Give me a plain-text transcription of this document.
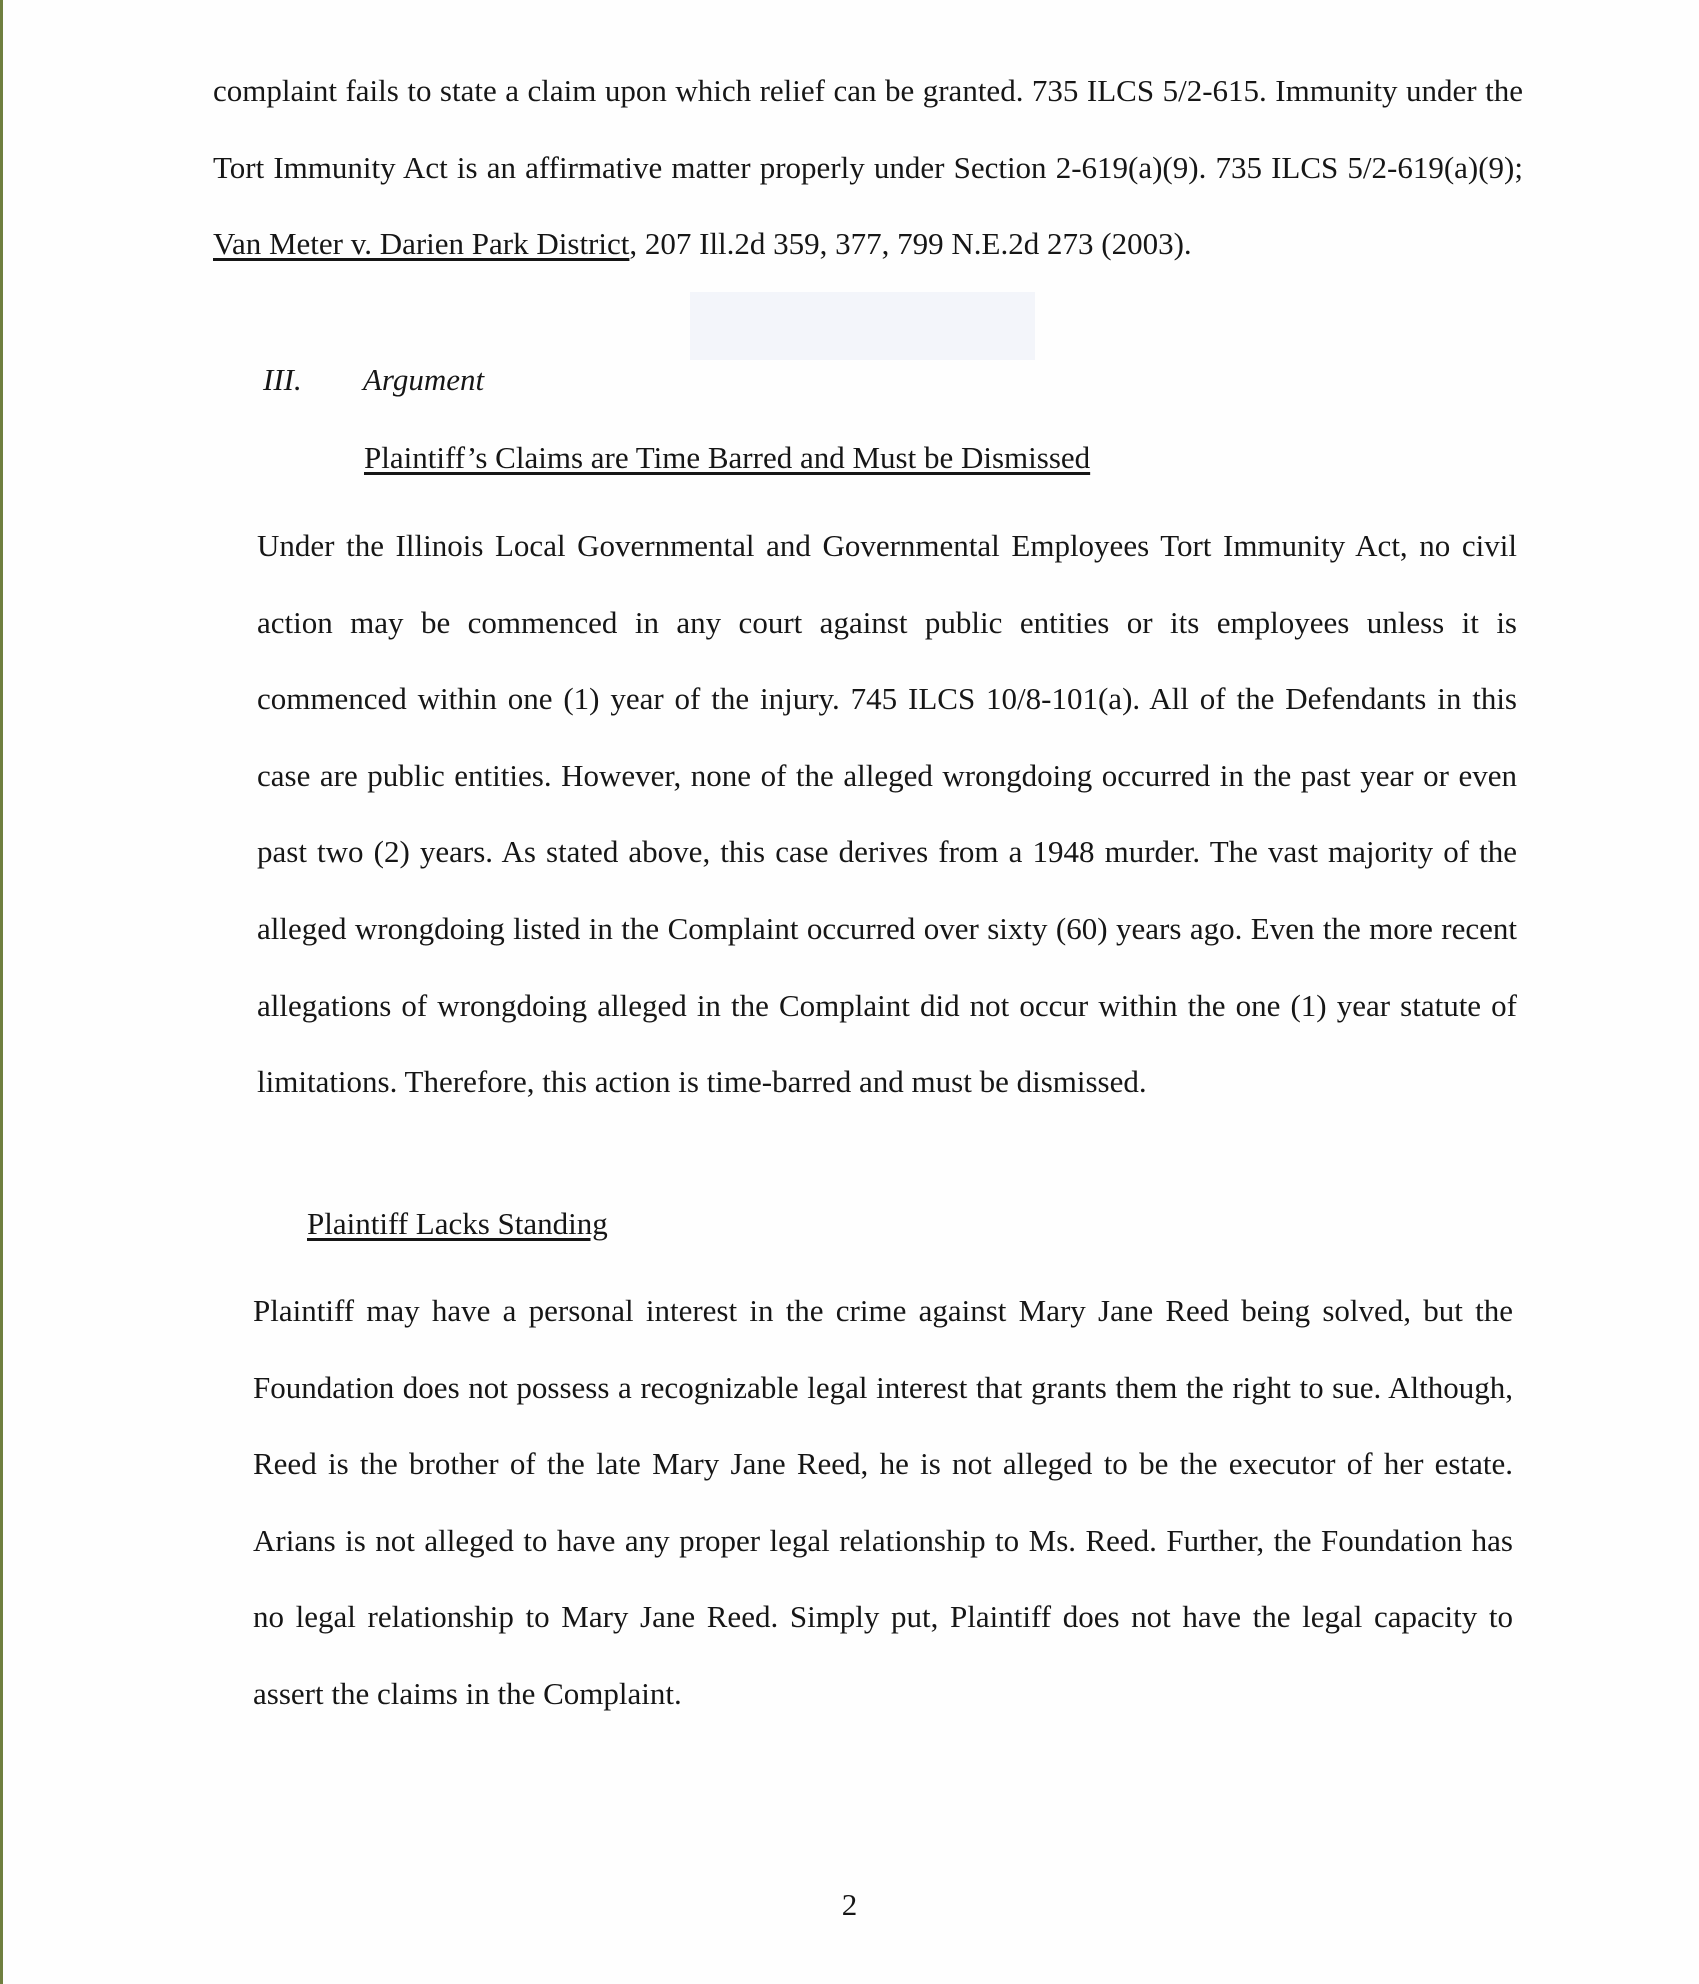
complaint fails to state a claim upon which relief can be granted. 735 ILCS 5/2-615. Immunity under the Tort Immunity Act is an affirmative matter properly under Section 2-619(a)(9). 735 ILCS 5/2-619(a)(9); Van Meter v. Darien Park District, 207 Ill.2d 359, 377, 799 N.E.2d 273 (2003).

III. Argument
Plaintiff’s Claims are Time Barred and Must be Dismissed

Under the Illinois Local Governmental and Governmental Employees Tort Immunity Act, no civil action may be commenced in any court against public entities or its employees unless it is commenced within one (1) year of the injury. 745 ILCS 10/8-101(a). All of the Defendants in this case are public entities. However, none of the alleged wrongdoing occurred in the past year or even past two (2) years. As stated above, this case derives from a 1948 murder. The vast majority of the alleged wrongdoing listed in the Complaint occurred over sixty (60) years ago. Even the more recent allegations of wrongdoing alleged in the Complaint did not occur within the one (1) year statute of limitations. Therefore, this action is time-barred and must be dismissed.

Plaintiff Lacks Standing

Plaintiff may have a personal interest in the crime against Mary Jane Reed being solved, but the Foundation does not possess a recognizable legal interest that grants them the right to sue. Although, Reed is the brother of the late Mary Jane Reed, he is not alleged to be the executor of her estate. Arians is not alleged to have any proper legal relationship to Ms. Reed. Further, the Foundation has no legal relationship to Mary Jane Reed. Simply put, Plaintiff does not have the legal capacity to assert the claims in the Complaint.

2
